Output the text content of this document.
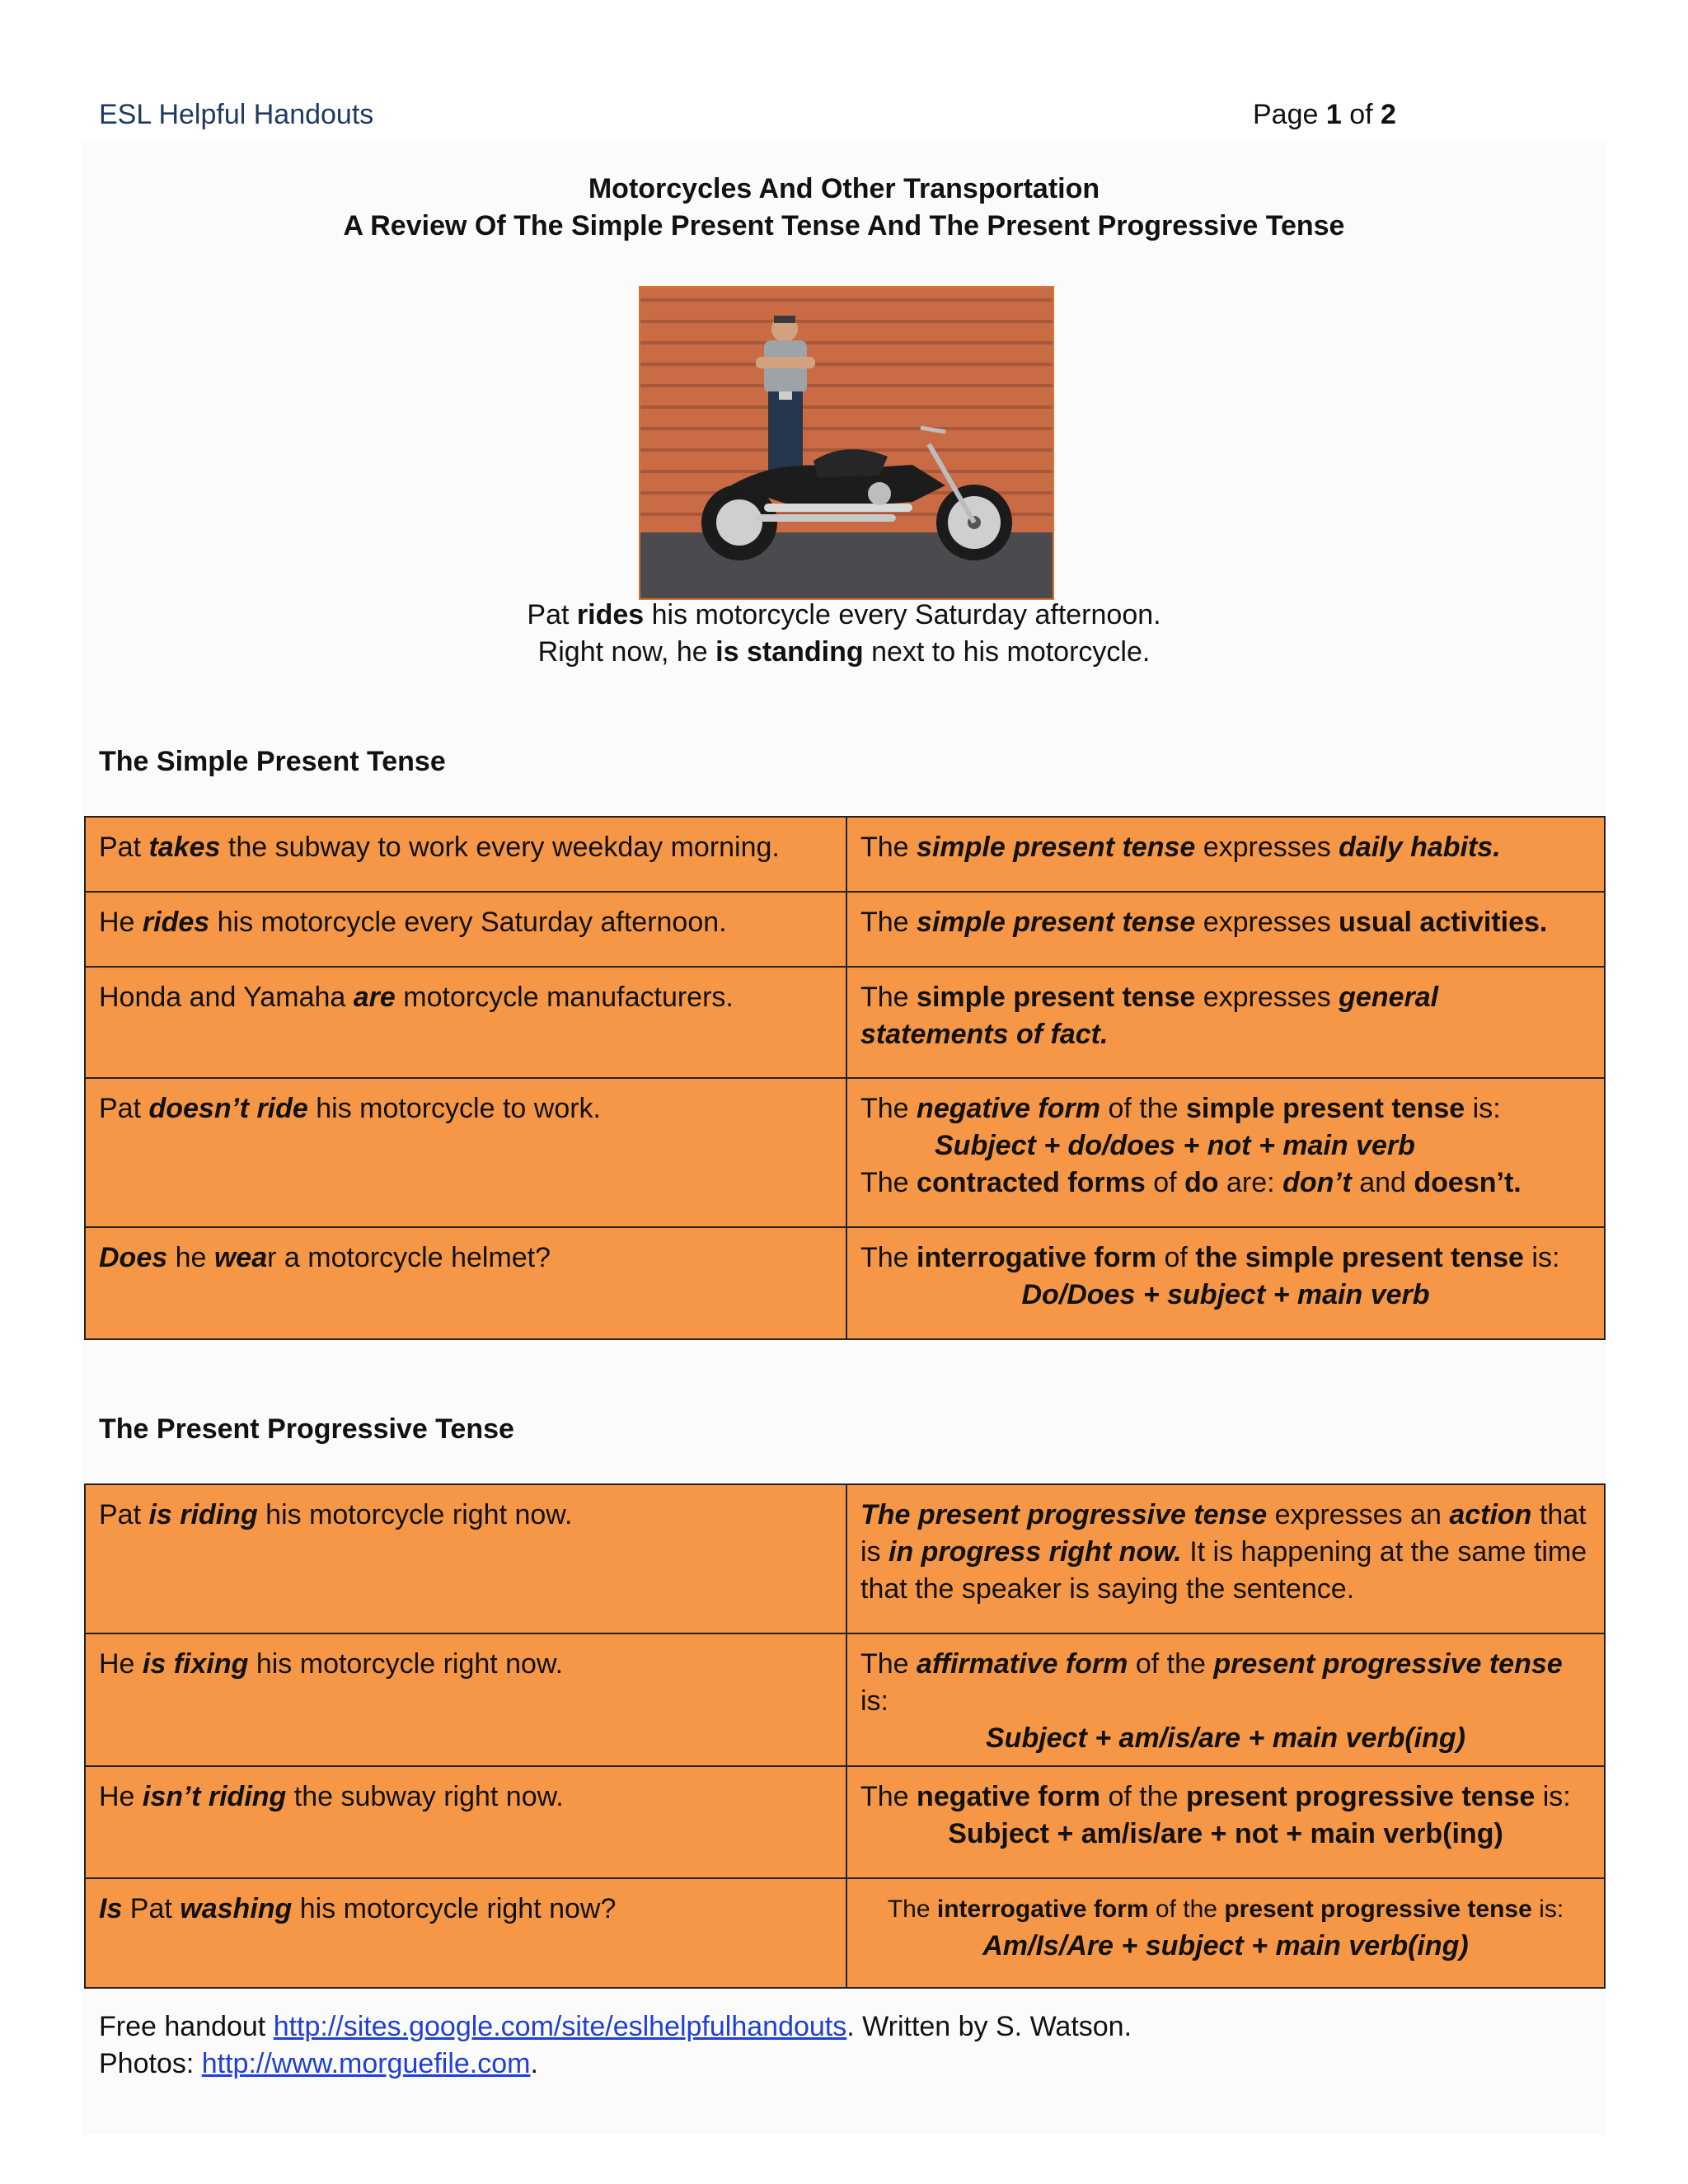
ESL Helpful Handouts	Page 1 of 2
Motorcycles And Other Transportation
A Review Of The Simple Present Tense And The Present Progressive Tense
Pat rides his motorcycle every Saturday afternoon.
Right now, he is standing next to his motorcycle.
The Simple Present Tense
Pat takes the subway to work every weekday morning.	The simple present tense expresses daily habits.

He rides his motorcycle every Saturday afternoon.	The simple present tense expresses usual activities.

Honda and Yamaha are motorcycle manufacturers.	The simple present tense expresses general statements of fact.

Pat doesn’t ride his motorcycle to work.	The negative form of the simple present tense is:
Subject + do/does + not + main verb
The contracted forms of do are: don’t and doesn’t.

Does he wear a motorcycle helmet?	The interrogative form of the simple present tense is:
Do/Does + subject + main verb
The Present Progressive Tense
Pat is riding his motorcycle right now.	The present progressive tense expresses an action that is in progress right now. It is happening at the same time that the speaker is saying the sentence.

He is fixing his motorcycle right now.	The affirmative form of the present progressive tense is:
Subject + am/is/are + main verb(ing)

He isn’t riding the subway right now.	The negative form of the present progressive tense is:
Subject + am/is/are + not + main verb(ing)

Is Pat washing his motorcycle right now?	The interrogative form of the present progressive tense is:
Am/Is/Are + subject + main verb(ing)
Free handout http://sites.google.com/site/eslhelpfulhandouts. Written by S. Watson.
Photos: http://www.morguefile.com.
